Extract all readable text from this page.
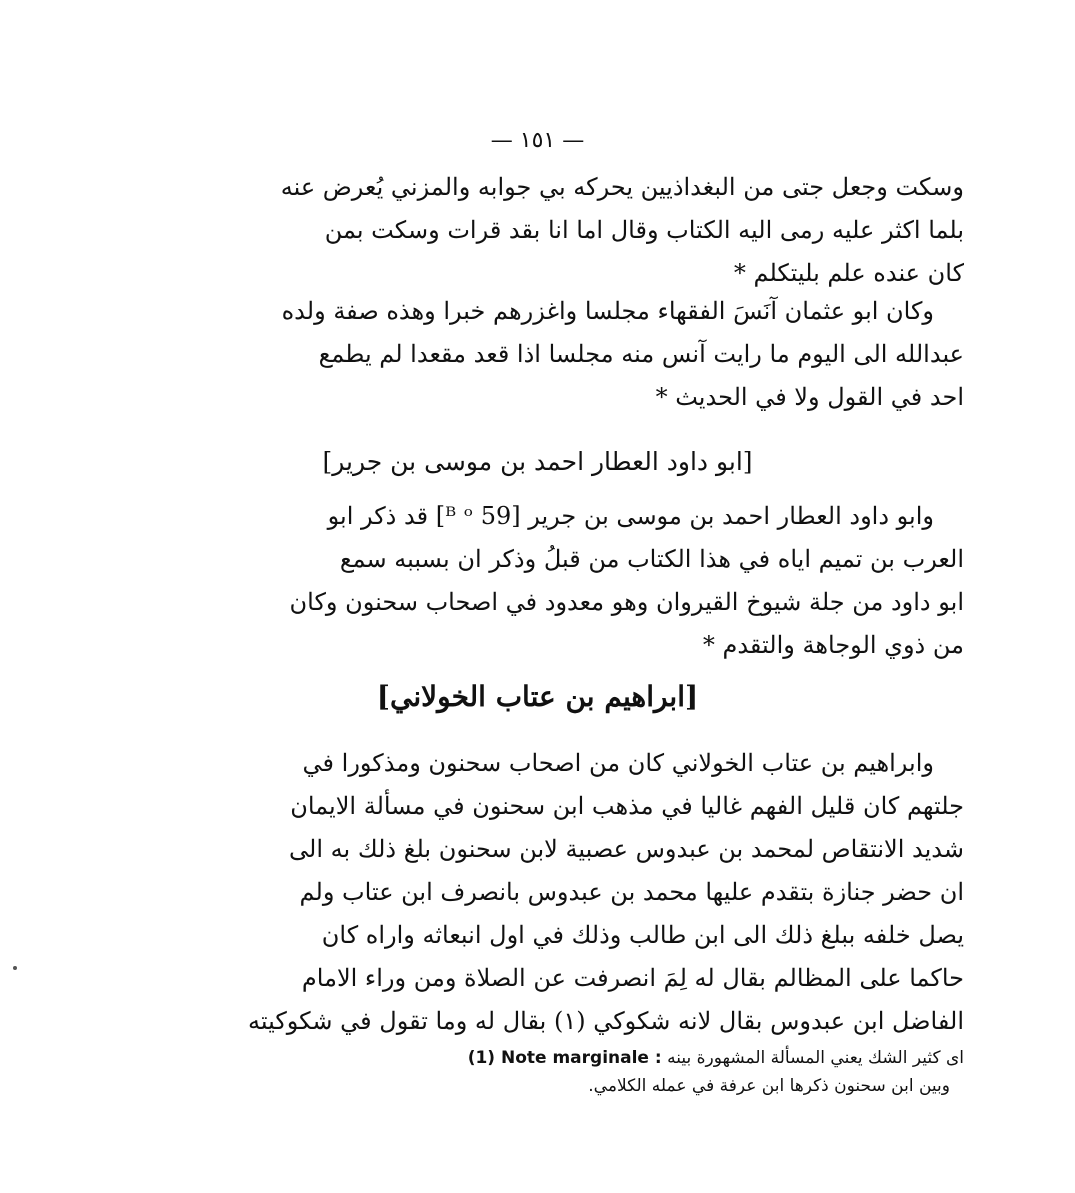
— ١٥١ —
وسكت وجعل جتى من البغداذيين يحركه بي جوابه والمزني يُعرض عنه
بلما اكثر عليه رمى اليه الكتاب وقال اما انا بقد قرات وسكت بمن
كان عنده علم بليتكلم *
وكان ابو عثمان آنَسَ الفقهاء مجلسا واغزرهم خبرا وهذه صفة ولده
عبدالله الى اليوم ما رايت آنس منه مجلسا اذا قعد مقعدا لم يطمع
احد في القول ولا في الحديث *
[ابو داود العطار احمد بن موسى بن جرير]
وابو داود العطار احمد بن موسى بن جرير [59 ᴮ ᵒ] قد ذكر ابو
العرب بن تميم اياه في هذا الكتاب من قبلُ وذكر ان بسببه سمع
ابو داود من جلة شيوخ القيروان وهو معدود في اصحاب سحنون وكان
من ذوي الوجاهة والتقدم *
[ابراهيم بن عتاب الخولاني]
وابراهيم بن عتاب الخولاني كان من اصحاب سحنون ومذكورا في
جلتهم كان قليل الفهم غاليا في مذهب ابن سحنون في مسألة الايمان
شديد الانتقاص لمحمد بن عبدوس عصبية لابن سحنون بلغ ذلك به الى
ان حضر جنازة بتقدم عليها محمد بن عبدوس بانصرف ابن عتاب ولم
يصل خلفه ببلغ ذلك الى ابن طالب وذلك في اول انبعاثه واراه كان
حاكما على المظالم بقال له لِمَ انصرفت عن الصلاة ومن وراء الامام
الفاضل ابن عبدوس بقال لانه شكوكي (١) بقال له وما تقول في شكوكيته
اى كثير الشك يعني المسألة المشهورة بينه (1) Note marginale :
وبين ابن سحنون ذكرها ابن عرفة في عمله الكلامي.
